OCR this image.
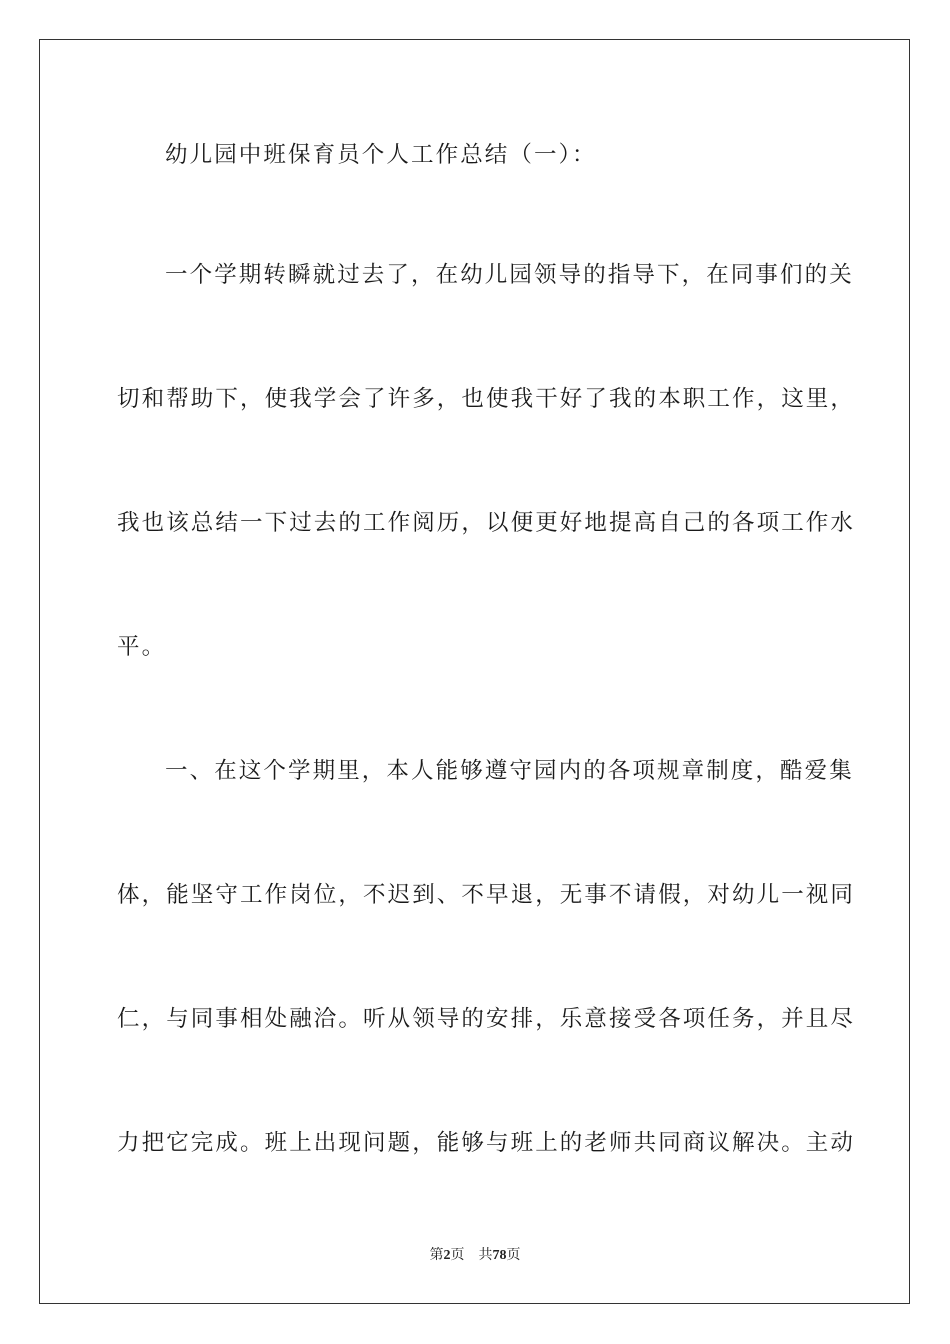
幼儿园中班保育员个人工作总结（一）：
一个学期转瞬就过去了，在幼儿园领导的指导下，在同事们的关
切和帮助下，使我学会了许多，也使我干好了我的本职工作，这里，
我也该总结一下过去的工作阅历，以便更好地提高自己的各项工作水
平。
一、在这个学期里，本人能够遵守园内的各项规章制度，酷爱集
体，能坚守工作岗位，不迟到、不早退，无事不请假，对幼儿一视同
仁，与同事相处融洽。听从领导的安排，乐意接受各项任务，并且尽
力把它完成。班上出现问题，能够与班上的老师共同商议解决。主动
第2页 共78页
